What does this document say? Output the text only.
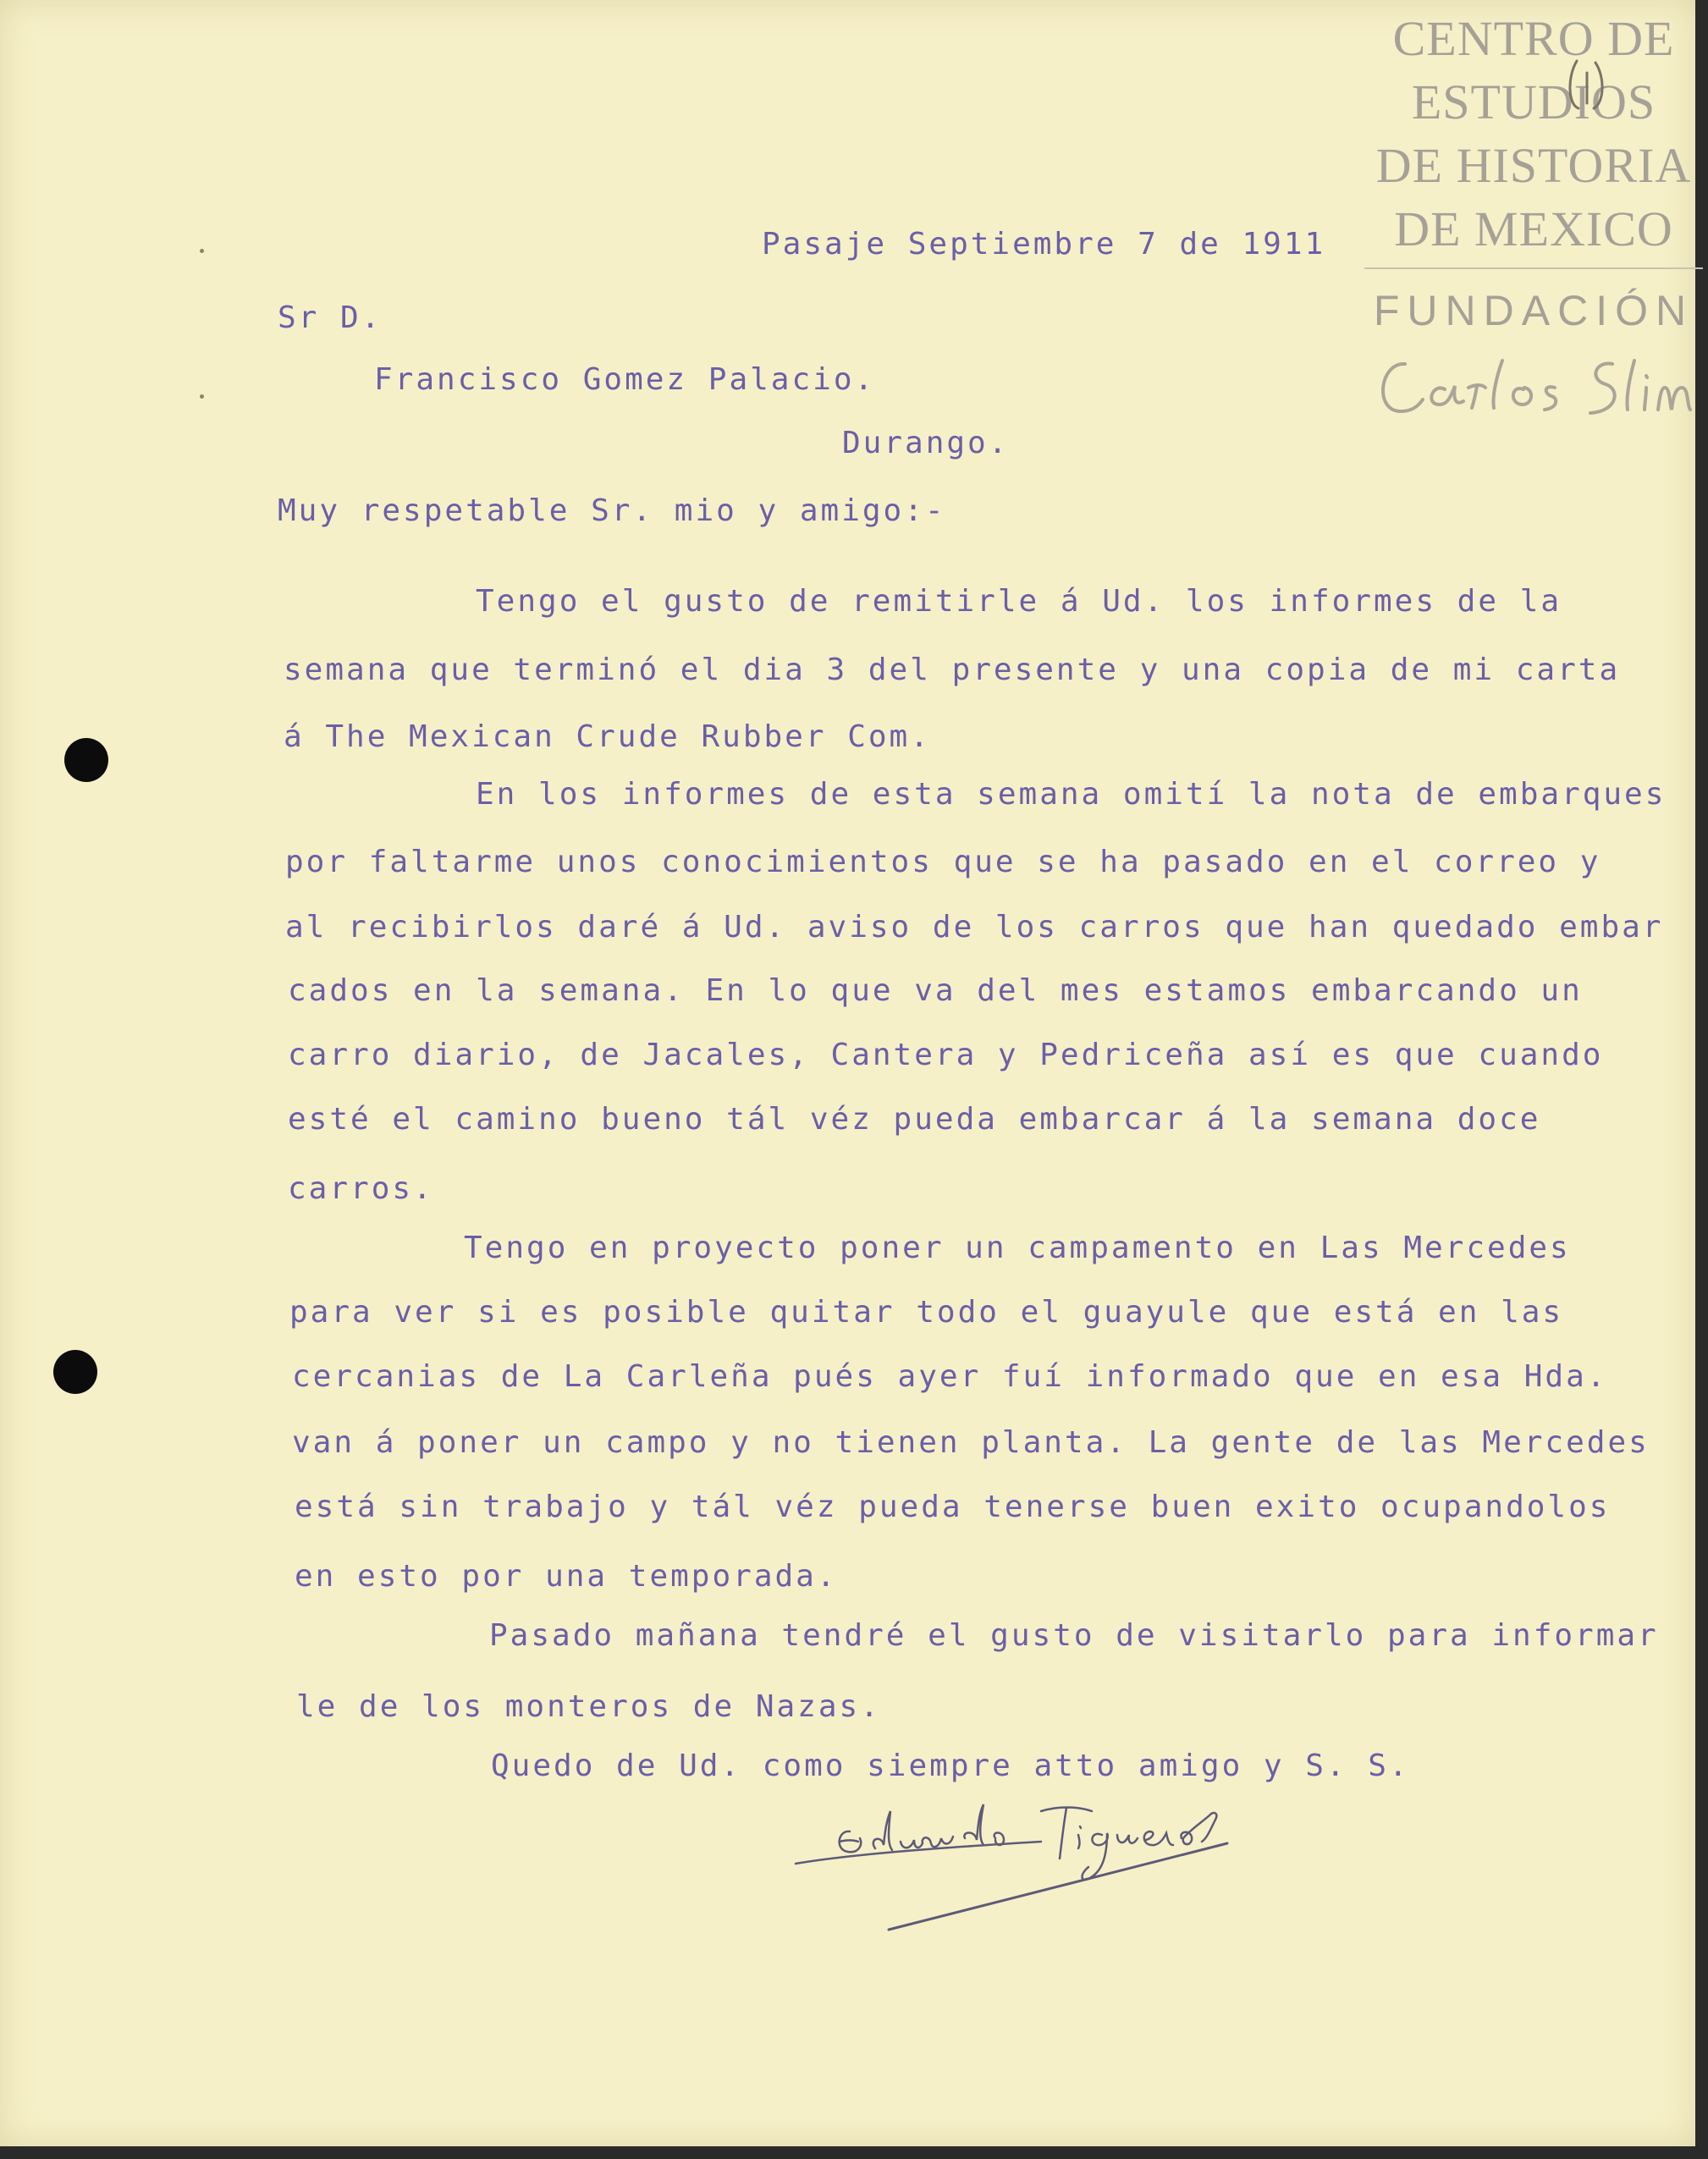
CENTRO DE
ESTUDIOS
DE HISTORIA
DE MEXICO
FUNDACIÓN

Pasaje Septiembre 7 de 1911

Sr D.

Francisco Gomez Palacio.

Durango.

Muy respetable Sr. mio y amigo:-

Tengo el gusto de remitirle á Ud. los informes de la

semana que terminó el dia 3 del presente y una copia de mi carta

á The Mexican Crude Rubber Com.

En los informes de esta semana omití la nota de embarques

por faltarme unos conocimientos que se ha pasado en el correo y

al recibirlos daré á Ud. aviso de los carros que han quedado embar

cados en la semana. En lo que va del mes estamos embarcando un

carro diario, de Jacales, Cantera y Pedriceña así es que cuando

esté el camino bueno tál véz pueda embarcar á la semana doce

carros.

Tengo en proyecto poner un campamento en Las Mercedes

para ver si es posible quitar todo el guayule que está en las

cercanias de La Carleña pués ayer fuí informado que en esa Hda.

van á poner un campo y no tienen planta. La gente de las Mercedes

está sin trabajo y tál véz pueda tenerse buen exito ocupandolos

en esto por una temporada.

Pasado mañana tendré el gusto de visitarlo para informar

le de los monteros de Nazas.

Quedo de Ud. como siempre atto amigo y S. S.
